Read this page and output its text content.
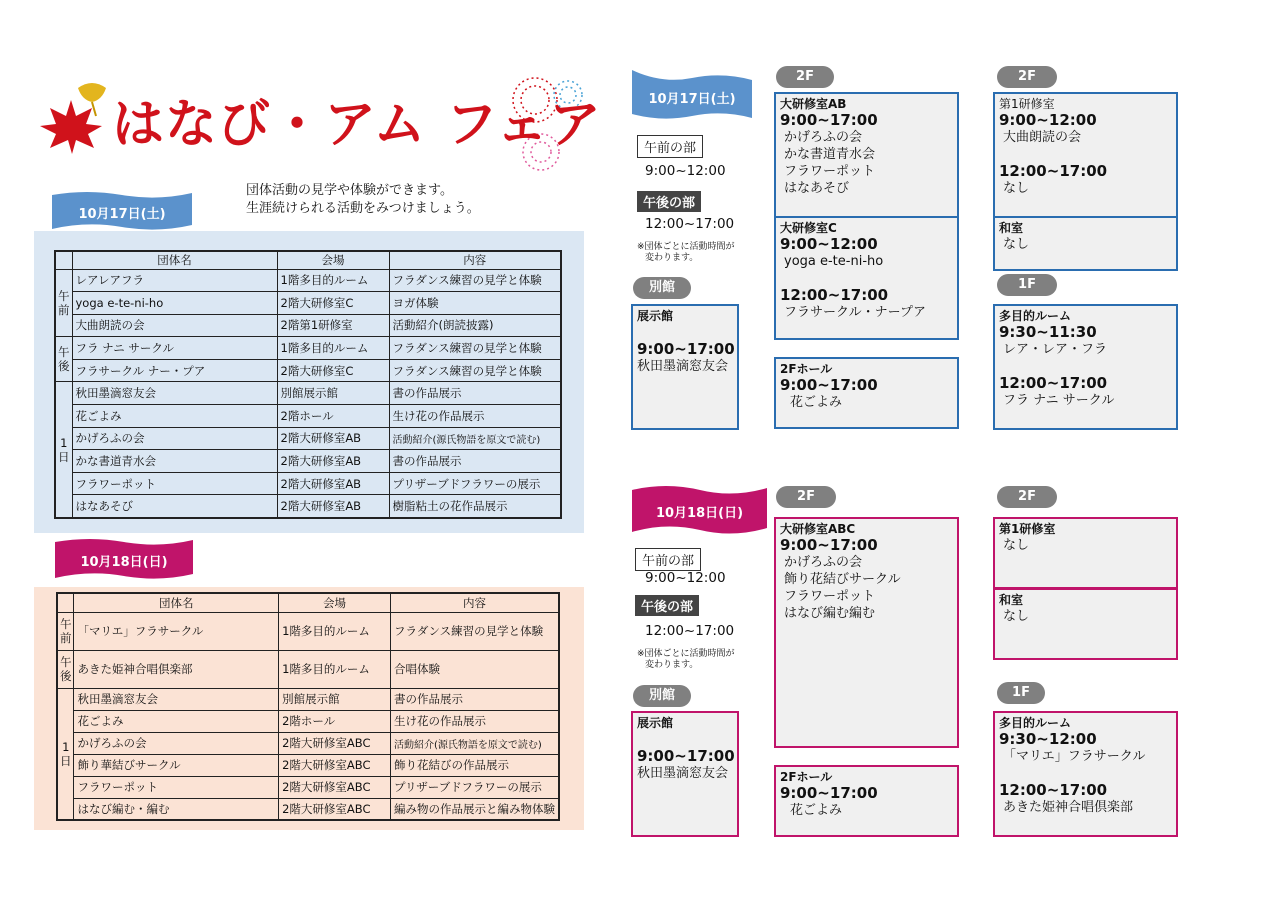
はなび・アム フェア
団体活動の見学や体験ができます。
生涯続けられる活動をみつけましょう。
10月17日(土)
	団体名	会場	内容

午
前	レアレアフラ	1階多目的ルーム	フラダンス練習の見学と体験
	yoga e-te-ni-ho	2階大研修室C	ヨガ体験
	大曲朗読の会	2階第1研修室	活動紹介(朗読披露)

午
後	フラ ナニ サークル	1階多目的ルーム	フラダンス練習の見学と体験
	フラサークル ナー・プア	2階大研修室C	フラダンス練習の見学と体験

1
日	秋田墨滴窓友会	別館展示館	書の作品展示
	花ごよみ	2階ホール	生け花の作品展示
	かげろふの会	2階大研修室AB	活動紹介(源氏物語を原文で読む)
	かな書道青水会	2階大研修室AB	書の作品展示
	フラワーポット	2階大研修室AB	プリザーブドフラワーの展示
	はなあそび	2階大研修室AB	樹脂粘土の花作品展示
10月18日(日)
	団体名	会場	内容

午
前	「マリエ」フラサークル	1階多目的ルーム	フラダンス練習の見学と体験

午
後	あきた姫神合唱倶楽部	1階多目的ルーム	合唱体験

1
日	秋田墨滴窓友会	別館展示館	書の作品展示
	花ごよみ	2階ホール	生け花の作品展示
	かげろふの会	2階大研修室ABC	活動紹介(源氏物語を原文で読む)
	飾り華結びサークル	2階大研修室ABC	飾り花結びの作品展示
	フラワーポット	2階大研修室ABC	プリザーブドフラワーの展示
	はなび編む・編む	2階大研修室ABC	編み物の作品展示と編み物体験
10月17日(土)
午前の部
9:00~12:00
午後の部
12:00~17:00
※団体ごとに活動時間が
変わります。
別館
展示館
9:00~17:00
秋田墨滴窓友会
2F
大研修室AB
9:00~17:00
かげろふの会
かな書道青水会
フラワーポット
はなあそび
大研修室C
9:00~12:00
yoga e-te-ni-ho
12:00~17:00
フラサークル・ナープア
2Fホール
9:00~17:00
花ごよみ
2F
第1研修室
9:00~12:00
大曲朗読の会
12:00~17:00
なし
和室
なし
1F
多目的ルーム
9:30~11:30
レア・レア・フラ
12:00~17:00
フラ ナニ サークル
10月18日(日)
午前の部
9:00~12:00
午後の部
12:00~17:00
※団体ごとに活動時間が
変わります。
別館
展示館
9:00~17:00
秋田墨滴窓友会
2F
大研修室ABC
9:00~17:00
かげろふの会
飾り花結びサークル
フラワーポット
はなび編む編む
2Fホール
9:00~17:00
花ごよみ
2F
第1研修室
なし
和室
なし
1F
多目的ルーム
9:30~12:00
「マリエ」フラサークル
12:00~17:00
あきた姫神合唱倶楽部
